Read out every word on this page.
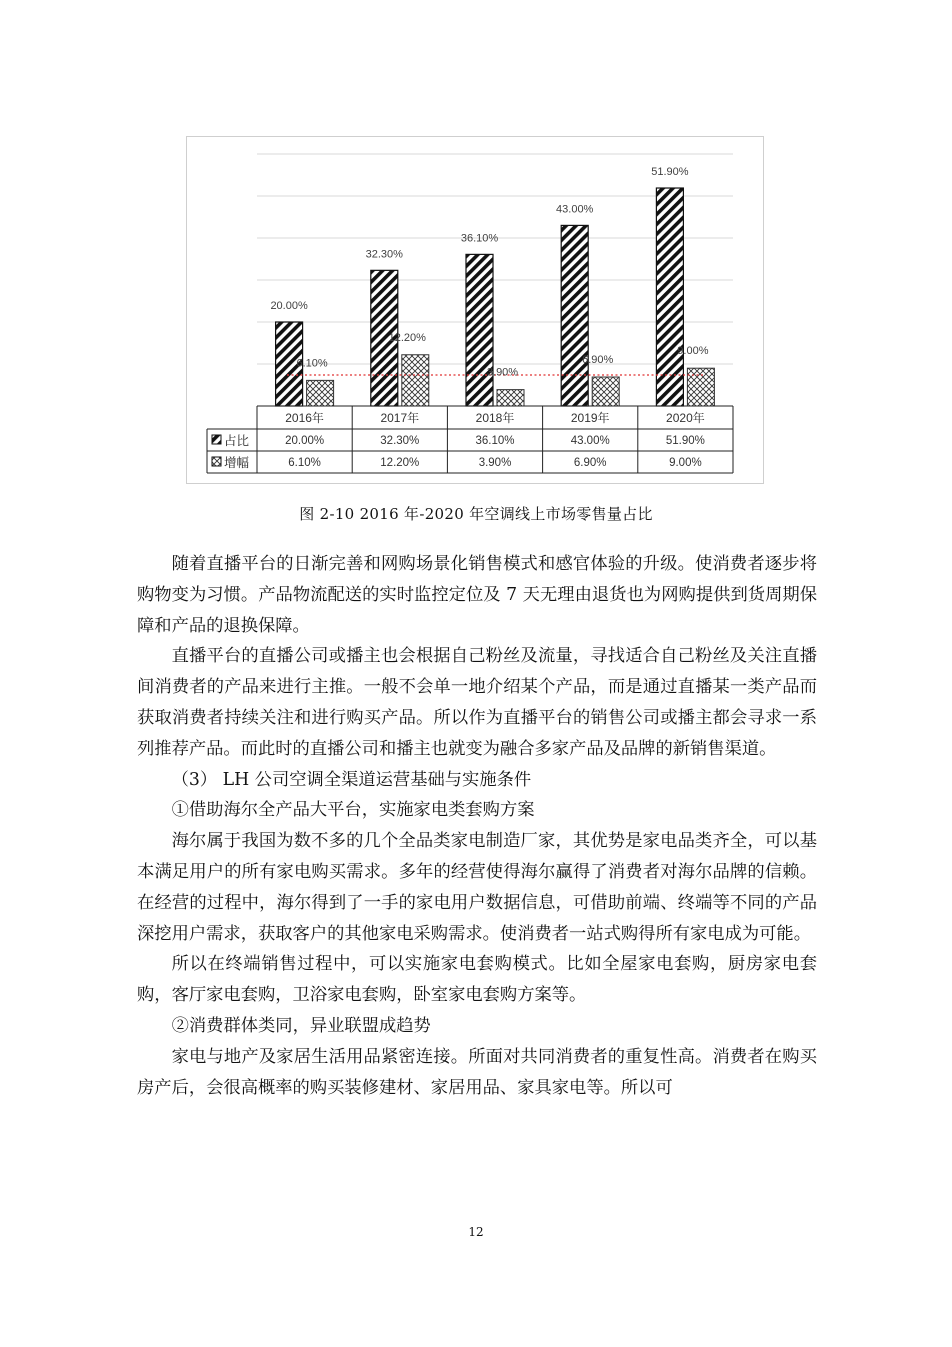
20.00%
6.10%
32.30%
12.20%
36.10%
3.90%
43.00%
6.90%
51.90%
9.00%
2016年
20.00%
6.10%
2017年
32.30%
12.20%
2018年
36.10%
3.90%
2019年
43.00%
6.90%
2020年
51.90%
9.00%
占比
增幅
图 2-10 2016 年-2020 年空调线上市场零售量占比

随着直播平台的日渐完善和网购场景化销售模式和感官体验的升级。使消费者逐步将购物变为习惯。产品物流配送的实时监控定位及 7 天无理由退货也为网购提供到货周期保障和产品的退换保障。

直播平台的直播公司或播主也会根据自己粉丝及流量，寻找适合自己粉丝及关注直播间消费者的产品来进行主推。一般不会单一地介绍某个产品，而是通过直播某一类产品而获取消费者持续关注和进行购买产品。所以作为直播平台的销售公司或播主都会寻求一系列推荐产品。而此时的直播公司和播主也就变为融合多家产品及品牌的新销售渠道。

（3） LH 公司空调全渠道运营基础与实施条件

①借助海尔全产品大平台，实施家电类套购方案

海尔属于我国为数不多的几个全品类家电制造厂家，其优势是家电品类齐全，可以基本满足用户的所有家电购买需求。多年的经营使得海尔赢得了消费者对海尔品牌的信赖。在经营的过程中，海尔得到了一手的家电用户数据信息，可借助前端、终端等不同的产品深挖用户需求，获取客户的其他家电采购需求。使消费者一站式购得所有家电成为可能。

所以在终端销售过程中，可以实施家电套购模式。比如全屋家电套购，厨房家电套购，客厅家电套购，卫浴家电套购，卧室家电套购方案等。

②消费群体类同，异业联盟成趋势

家电与地产及家居生活用品紧密连接。所面对共同消费者的重复性高。消费者在购买房产后，会很高概率的购买装修建材、家居用品、家具家电等。所以可

12
